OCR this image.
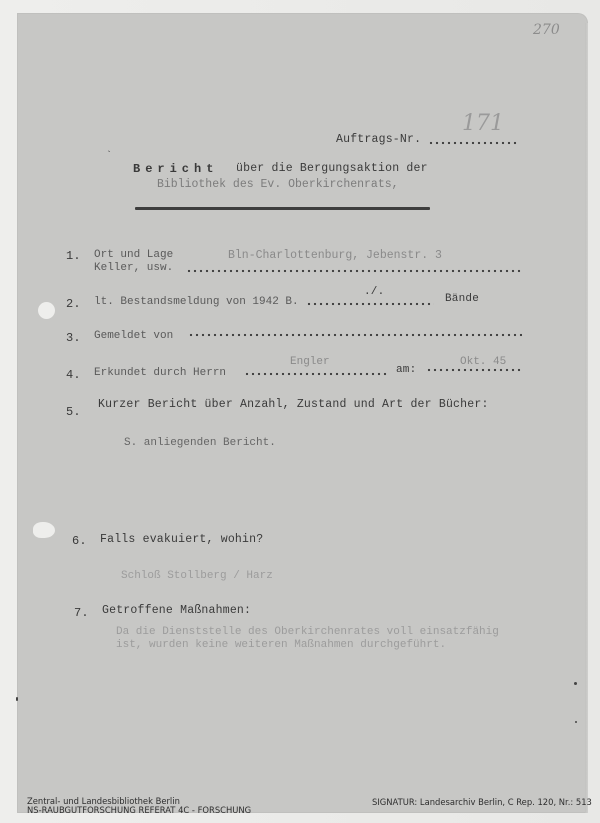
270
171
Auftrags-Nr.
`
Bericht über die Bergungsaktion der
Bibliothek des Ev. Oberkirchenrats,
1. Ort und Lage
Keller, usw.
Bln-Charlottenburg, Jebenstr. 3
2. lt. Bestandsmeldung von 1942 B.
./.
Bände
3. Gemeldet von
4. Erkundet durch Herrn
Engler
am:
Okt. 45
5.
Kurzer Bericht über Anzahl, Zustand und Art der Bücher:
S. anliegenden Bericht.
6. Falls evakuiert, wohin?
Schloß Stollberg / Harz
7. Getroffene Maßnahmen:
Da die Dienststelle des Oberkirchenrates voll einsatzfähig
ist, wurden keine weiteren Maßnahmen durchgeführt.
Zentral- und Landesbibliothek Berlin
NS-RAUBGUTFORSCHUNG REFERAT 4C - FORSCHUNG
SIGNATUR: Landesarchiv Berlin, C Rep. 120, Nr.: 513
